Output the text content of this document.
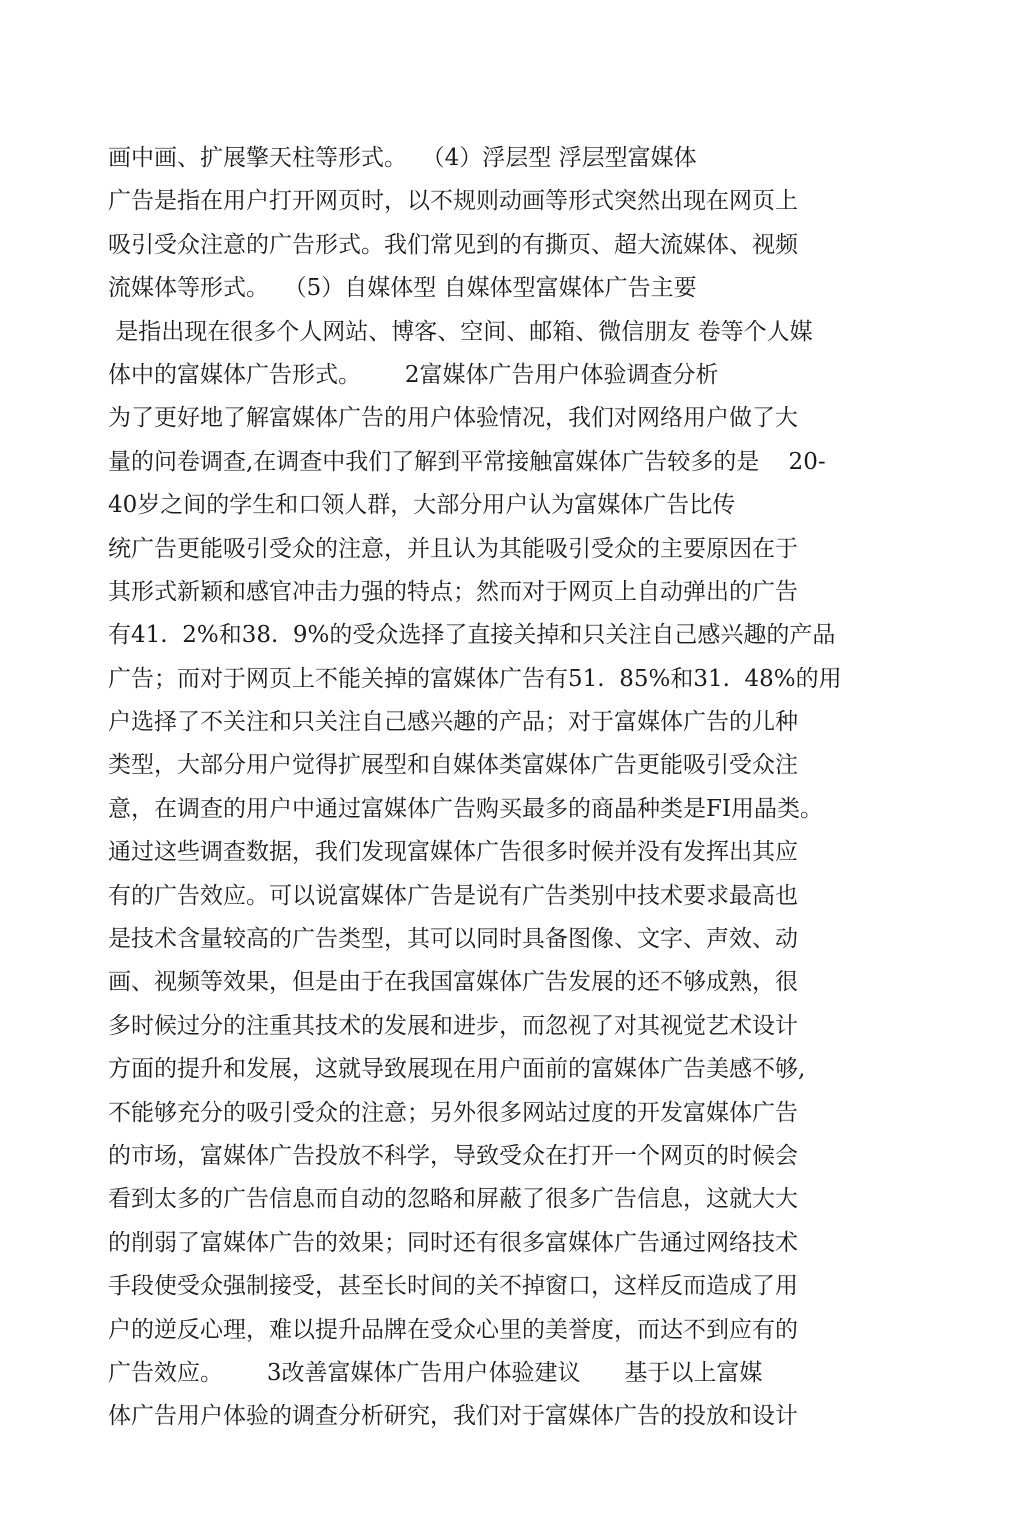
画中画、扩展擎天柱等形式。  （4）浮层型 浮层型富媒体
广告是指在用户打开网页时，以不规则动画等形式突然出现在网页上
吸引受众注意的广告形式。我们常见到的有撕页、超大流媒体、视频
流媒体等形式。  （5）自媒体型 自媒体型富媒体广告主要
是指出现在很多个人网站、博客、空间、邮箱、微信朋友 卷等个人媒
体中的富媒体广告形式。      2富媒体广告用户体验调查分析
为了更好地了解富媒体广告的用户体验情况，我们对网络用户做了大
量的问卷调查,在调查中我们了解到平常接触富媒体广告较多的是    20-
40岁之间的学生和口领人群，大部分用户认为富媒体广告比传
统广告更能吸引受众的注意，并且认为其能吸引受众的主要原因在于
其形式新颖和感官冲击力强的特点；然而对于网页上自动弹出的广告
有41.  2%和38.  9%的受众选择了直接关掉和只关注自己感兴趣的产品
广告；而对于网页上不能关掉的富媒体广告有51.  85%和31.  48%的用
户选择了不关注和只关注自己感兴趣的产品；对于富媒体广告的儿种
类型，大部分用户觉得扩展型和自媒体类富媒体广告更能吸引受众注
意，在调查的用户中通过富媒体广告购买最多的商晶种类是FI用晶类。
通过这些调查数据，我们发现富媒体广告很多时候并没有发挥出其应
有的广告效应。可以说富媒体广告是说有广告类别中技术要求最高也
是技术含量较高的广告类型，其可以同时具备图像、文字、声效、动
画、视频等效果，但是由于在我国富媒体广告发展的还不够成熟，很
多时候过分的注重其技术的发展和进步，而忽视了对其视觉艺术设计
方面的提升和发展，这就导致展现在用户面前的富媒体广告美感不够,
不能够充分的吸引受众的注意；另外很多网站过度的开发富媒体广告
的市场，富媒体广告投放不科学，导致受众在打开一个网页的时候会
看到太多的广告信息而自动的忽略和屏蔽了很多广告信息，这就大大
的削弱了富媒体广告的效果；同时还有很多富媒体广告通过网络技术
手段使受众强制接受，甚至长时间的关不掉窗口，这样反而造成了用
户的逆反心理，难以提升品牌在受众心里的美誉度，而达不到应有的
广告效应。      3改善富媒体广告用户体验建议      基于以上富媒
体广告用户体验的调查分析研究，我们对于富媒体广告的投放和设计
